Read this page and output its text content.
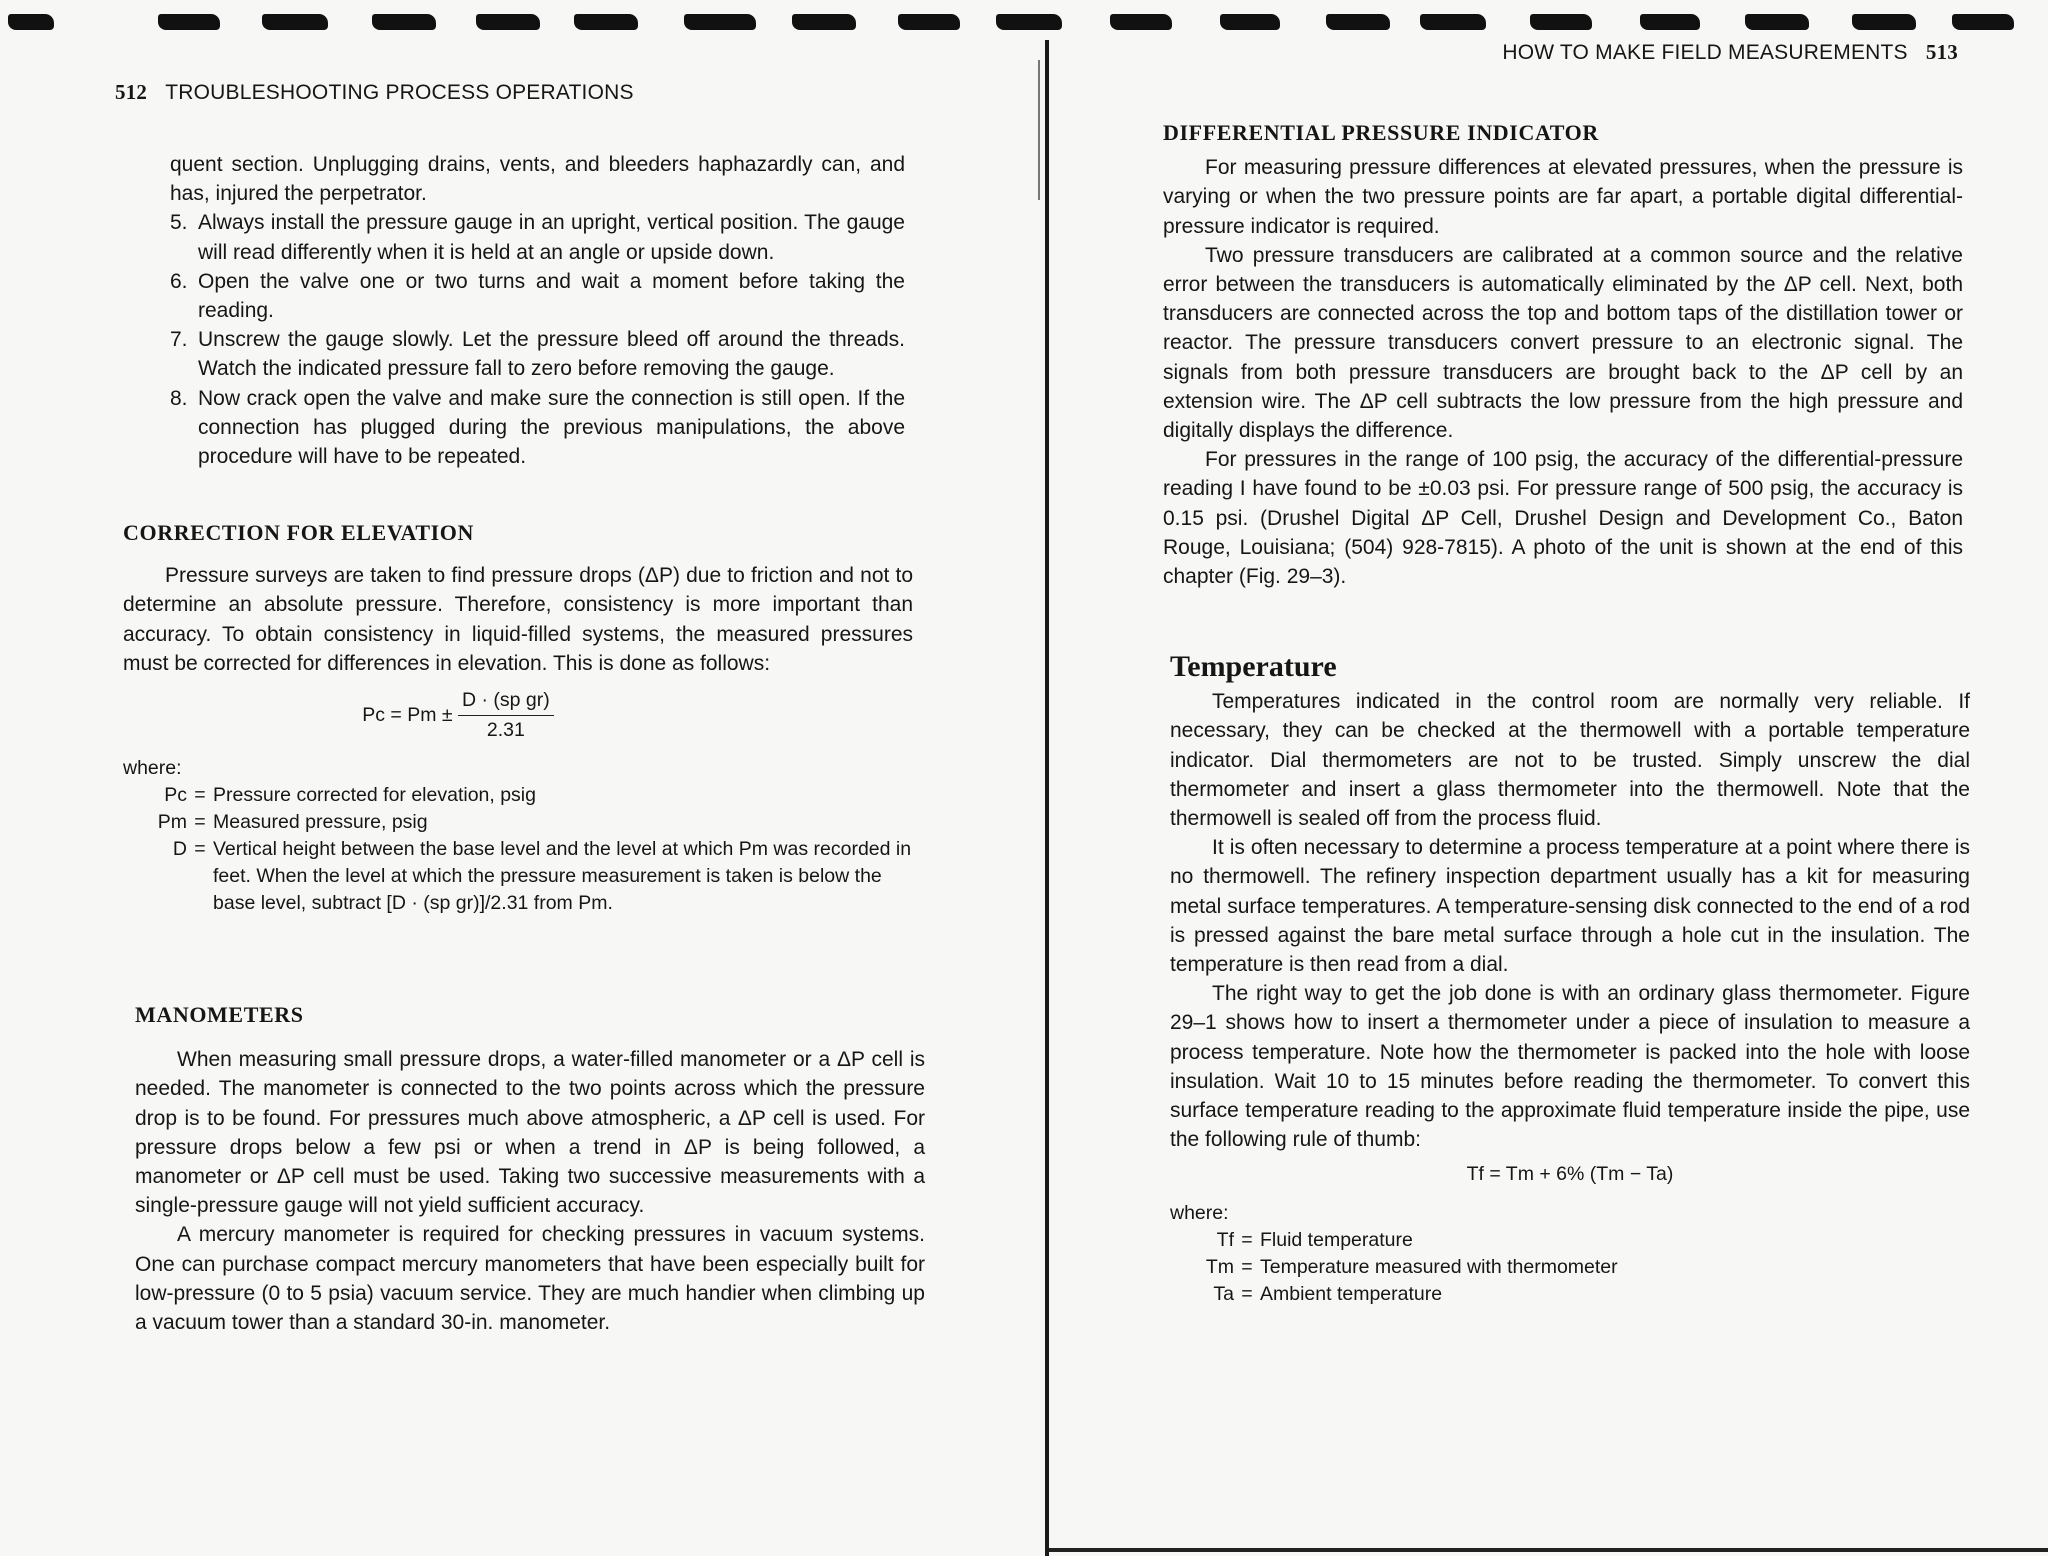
512 TROUBLESHOOTING PROCESS OPERATIONS

quent section. Unplugging drains, vents, and bleeders haphazardly can, and has, injured the perpetrator.

5. Always install the pressure gauge in an upright, vertical position. The gauge will read differently when it is held at an angle or upside down.
6. Open the valve one or two turns and wait a moment before taking the reading.
7. Unscrew the gauge slowly. Let the pressure bleed off around the threads. Watch the indicated pressure fall to zero before removing the gauge.
8. Now crack open the valve and make sure the connection is still open. If the connection has plugged during the previous manipulations, the above procedure will have to be repeated.
CORRECTION FOR ELEVATION

Pressure surveys are taken to find pressure drops (ΔP) due to friction and not to determine an absolute pressure. Therefore, consistency is more important than accuracy. To obtain consistency in liquid-filled systems, the measured pressures must be corrected for differences in elevation. This is done as follows:

$Pc = Pm \pm \frac{\text{D · (sp gr)}}{2.31}$
where:
Pc = Pressure corrected for elevation, psig
Pm = Measured pressure, psig
D = Vertical height between the base level and the level at which Pm was recorded in feet. When the level at which the pressure measurement is taken is below the base level, subtract [D · (sp gr)]/2.31 from Pm.
MANOMETERS

When measuring small pressure drops, a water-filled manometer or a ΔP cell is needed. The manometer is connected to the two points across which the pressure drop is to be found. For pressures much above atmospheric, a ΔP cell is used. For pressure drops below a few psi or when a trend in ΔP is being followed, a manometer or ΔP cell must be used. Taking two successive measurements with a single-pressure gauge will not yield sufficient accuracy.

A mercury manometer is required for checking pressures in vacuum systems. One can purchase compact mercury manometers that have been especially built for low-pressure (0 to 5 psia) vacuum service. They are much handier when climbing up a vacuum tower than a standard 30-in. manometer.

HOW TO MAKE FIELD MEASUREMENTS 513
DIFFERENTIAL PRESSURE INDICATOR

For measuring pressure differences at elevated pressures, when the pressure is varying or when the two pressure points are far apart, a portable digital differential-pressure indicator is required.

Two pressure transducers are calibrated at a common source and the relative error between the transducers is automatically eliminated by the ΔP cell. Next, both transducers are connected across the top and bottom taps of the distillation tower or reactor. The pressure transducers convert pressure to an electronic signal. The signals from both pressure transducers are brought back to the ΔP cell by an extension wire. The ΔP cell subtracts the low pressure from the high pressure and digitally displays the difference.

For pressures in the range of 100 psig, the accuracy of the differential-pressure reading I have found to be ±0.03 psi. For pressure range of 500 psig, the accuracy is 0.15 psi. (Drushel Digital ΔP Cell, Drushel Design and Development Co., Baton Rouge, Louisiana; (504) 928-7815). A photo of the unit is shown at the end of this chapter (Fig. 29–3).

Temperature

Temperatures indicated in the control room are normally very reliable. If necessary, they can be checked at the thermowell with a portable temperature indicator. Dial thermometers are not to be trusted. Simply unscrew the dial thermometer and insert a glass thermometer into the thermowell. Note that the thermowell is sealed off from the process fluid.

It is often necessary to determine a process temperature at a point where there is no thermowell. The refinery inspection department usually has a kit for measuring metal surface temperatures. A temperature-sensing disk connected to the end of a rod is pressed against the bare metal surface through a hole cut in the insulation. The temperature is then read from a dial.

The right way to get the job done is with an ordinary glass thermometer. Figure 29–1 shows how to insert a thermometer under a piece of insulation to measure a process temperature. Note how the thermometer is packed into the hole with loose insulation. Wait 10 to 15 minutes before reading the thermometer. To convert this surface temperature reading to the approximate fluid temperature inside the pipe, use the following rule of thumb:

Tf = Tm + 6% (Tm − Ta)
where:
Tf = Fluid temperature
Tm = Temperature measured with thermometer
Ta = Ambient temperature
